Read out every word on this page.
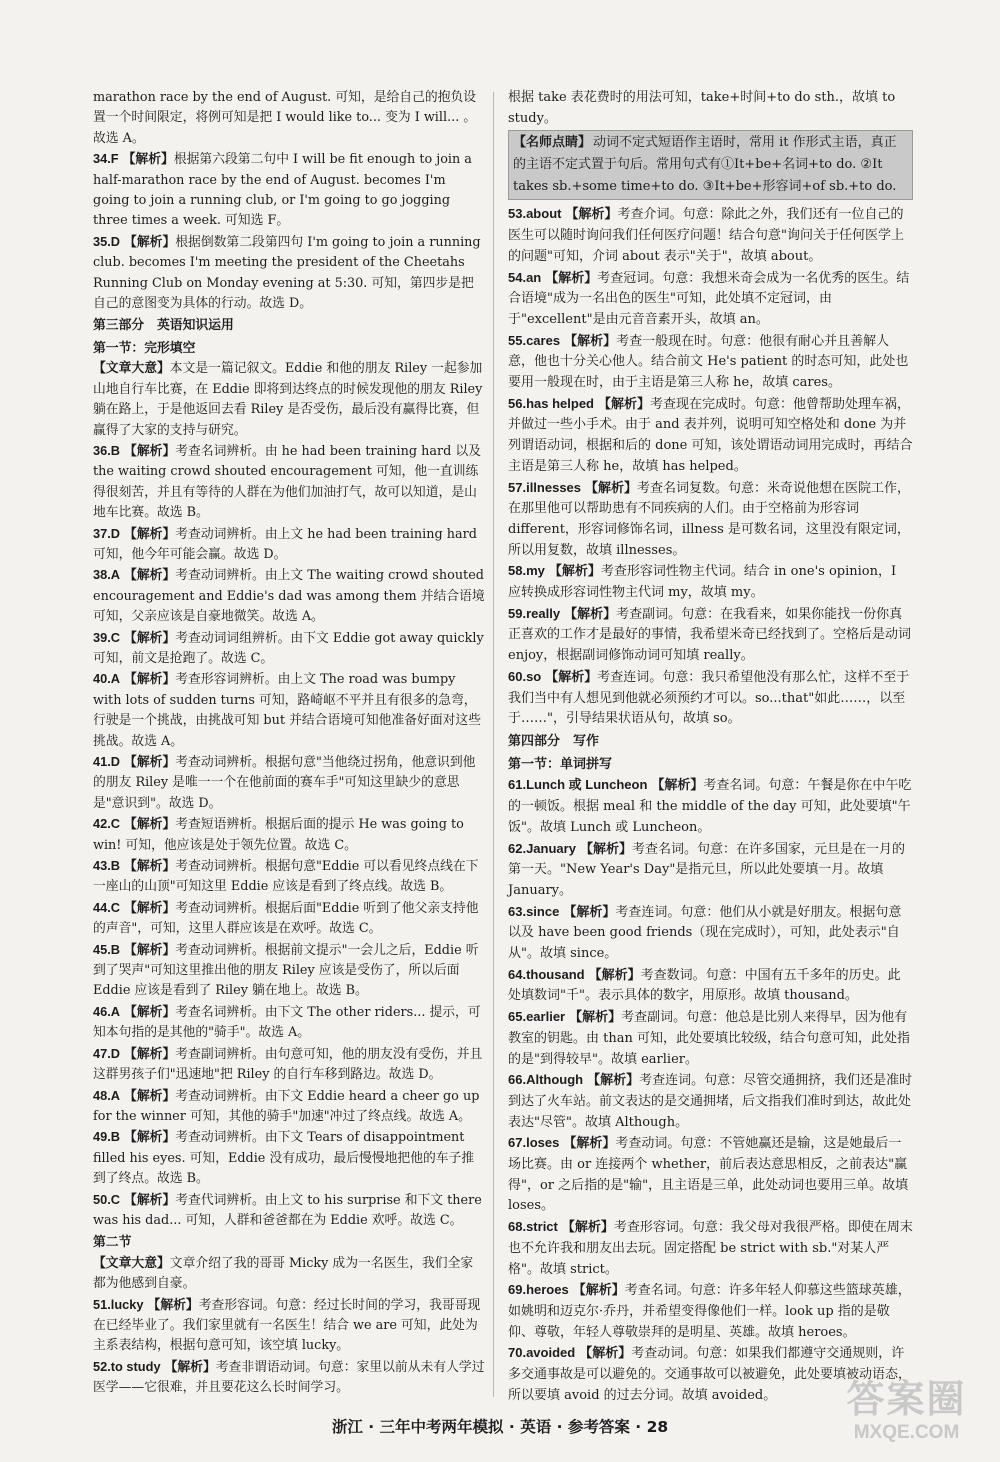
marathon race by the end of August. 可知，是给自己的抱负设置一个时间限定，将例可知是把 I would like to... 变为 I will... 。故选 A。
34.F 【解析】根据第六段第二句中 I will be fit enough to join a half-marathon race by the end of August. becomes I'm going to join a running club, or I'm going to go jogging three times a week. 可知选 F。
35.D 【解析】根据倒数第二段第四句 I'm going to join a running club. becomes I'm meeting the president of the Cheetahs Running Club on Monday evening at 5:30. 可知，第四步是把自己的意图变为具体的行动。故选 D。
第三部分　英语知识运用
第一节：完形填空
【文章大意】本文是一篇记叙文。Eddie 和他的朋友 Riley 一起参加山地自行车比赛，在 Eddie 即将到达终点的时候发现他的朋友 Riley 躺在路上，于是他返回去看 Riley 是否受伤，最后没有赢得比赛，但赢得了大家的支持与研究。
36.B 【解析】考查名词辨析。由 he had been training hard 以及 the waiting crowd shouted encouragement 可知，他一直训练得很刻苦，并且有等待的人群在为他们加油打气，故可以知道，是山地车比赛。故选 B。
37.D 【解析】考查动词辨析。由上文 he had been training hard 可知，他今年可能会赢。故选 D。
38.A 【解析】考查动词辨析。由上文 The waiting crowd shouted encouragement and Eddie's dad was among them 并结合语境可知，父亲应该是自豪地微笑。故选 A。
39.C 【解析】考查动词词组辨析。由下文 Eddie got away quickly 可知，前文是抢跑了。故选 C。
40.A 【解析】考查形容词辨析。由上文 The road was bumpy with lots of sudden turns 可知，路崎岖不平并且有很多的急弯，行驶是一个挑战，由挑战可知 but 并结合语境可知他准备好面对这些挑战。故选 A。
41.D 【解析】考查动词辨析。根据句意"当他绕过拐角，他意识到他的朋友 Riley 是唯一一个在他前面的赛车手"可知这里缺少的意思是"意识到"。故选 D。
42.C 【解析】考查短语辨析。根据后面的提示 He was going to win! 可知，他应该是处于领先位置。故选 C。
43.B 【解析】考查动词辨析。根据句意"Eddie 可以看见终点线在下一座山的山顶"可知这里 Eddie 应该是看到了终点线。故选 B。
44.C 【解析】考查动词辨析。根据后面"Eddie 听到了他父亲支持他的声音"，可知，这里人群应该是在欢呼。故选 C。
45.B 【解析】考查动词辨析。根据前文提示"一会儿之后，Eddie 听到了哭声"可知这里推出他的朋友 Riley 应该是受伤了，所以后面 Eddie 应该是看到了 Riley 躺在地上。故选 B。
46.A 【解析】考查名词辨析。由下文 The other riders... 提示，可知本句指的是其他的"骑手"。故选 A。
47.D 【解析】考查副词辨析。由句意可知，他的朋友没有受伤，并且这群男孩子们"迅速地"把 Riley 的自行车移到路边。故选 D。
48.A 【解析】考查动词辨析。由下文 Eddie heard a cheer go up for the winner 可知，其他的骑手"加速"冲过了终点线。故选 A。
49.B 【解析】考查动词辨析。由下文 Tears of disappointment filled his eyes. 可知，Eddie 没有成功，最后慢慢地把他的车子推到了终点。故选 B。
50.C 【解析】考查代词辨析。由上文 to his surprise 和下文 there was his dad... 可知，人群和爸爸都在为 Eddie 欢呼。故选 C。
第二节
【文章大意】文章介绍了我的哥哥 Micky 成为一名医生，我们全家都为他感到自豪。
51.lucky 【解析】考查形容词。句意：经过长时间的学习，我哥哥现在已经毕业了。我们家里就有一名医生！结合 we are 可知，此处为主系表结构，根据句意可知，该空填 lucky。
52.to study 【解析】考查非谓语动词。句意：家里以前从未有人学过医学——它很难，并且要花这么长时间学习。
根据 take 表花费时的用法可知，take+时间+to do sth.，故填 to study。
【名师点睛】 动词不定式短语作主语时，常用 it 作形式主语，真正的主语不定式置于句后。常用句式有①It+be+名词+to do. ②It takes sb.+some time+to do. ③It+be+形容词+of sb.+to do.
53.about 【解析】考查介词。句意：除此之外，我们还有一位自己的医生可以随时询问我们任何医疗问题！结合句意"询问关于任何医学上的问题"可知，介词 about 表示"关于"，故填 about。
54.an 【解析】考查冠词。句意：我想米奇会成为一名优秀的医生。结合语境"成为一名出色的医生"可知，此处填不定冠词，由于"excellent"是由元音音素开头，故填 an。
55.cares 【解析】考查一般现在时。句意：他很有耐心并且善解人意，他也十分关心他人。结合前文 He's patient 的时态可知，此处也要用一般现在时，由于主语是第三人称 he，故填 cares。
56.has helped 【解析】考查现在完成时。句意：他曾帮助处理车祸，并做过一些小手术。由于 and 表并列，说明可知空格处和 done 为并列谓语动词，根据和后的 done 可知，该处谓语动词用完成时，再结合主语是第三人称 he，故填 has helped。
57.illnesses 【解析】考查名词复数。句意：米奇说他想在医院工作，在那里他可以帮助患有不同疾病的人们。由于空格前为形容词 different，形容词修饰名词，illness 是可数名词，这里没有限定词，所以用复数，故填 illnesses。
58.my 【解析】考查形容词性物主代词。结合 in one's opinion，I 应转换成形容词性物主代词 my，故填 my。
59.really 【解析】考查副词。句意：在我看来，如果你能找一份你真正喜欢的工作才是最好的事情，我希望米奇已经找到了。空格后是动词 enjoy，根据副词修饰动词可知填 really。
60.so 【解析】考查连词。句意：我只希望他没有那么忙，这样不至于我们当中有人想见到他就必须预约才可以。so...that"如此……，以至于……"，引导结果状语从句，故填 so。
第四部分　写作
第一节：单词拼写
61.Lunch 或 Luncheon 【解析】考查名词。句意：午餐是你在中午吃的一顿饭。根据 meal 和 the middle of the day 可知，此处要填"午饭"。故填 Lunch 或 Luncheon。
62.January 【解析】考查名词。句意：在许多国家，元旦是在一月的第一天。"New Year's Day"是指元旦，所以此处要填一月。故填 January。
63.since 【解析】考查连词。句意：他们从小就是好朋友。根据句意以及 have been good friends（现在完成时），可知，此处表示"自从"。故填 since。
64.thousand 【解析】考查数词。句意：中国有五千多年的历史。此处填数词"千"。表示具体的数字，用原形。故填 thousand。
65.earlier 【解析】考查副词。句意：他总是比别人来得早，因为他有教室的钥匙。由 than 可知，此处要填比较级，结合句意可知，此处指的是"到得较早"。故填 earlier。
66.Although 【解析】考查连词。句意：尽管交通拥挤，我们还是准时到达了火车站。前文表达的是交通拥堵，后文指我们准时到达，故此处表达"尽管"。故填 Although。
67.loses 【解析】考查动词。句意：不管她赢还是输，这是她最后一场比赛。由 or 连接两个 whether，前后表达意思相反，之前表达"赢得"，or 之后指的是"输"，且主语是三单，此处动词也要用三单。故填 loses。
68.strict 【解析】考查形容词。句意：我父母对我很严格。即使在周末也不允许我和朋友出去玩。固定搭配 be strict with sb."对某人严格"。故填 strict。
69.heroes 【解析】考查名词。句意：许多年轻人仰慕这些篮球英雄，如姚明和迈克尔·乔丹，并希望变得像他们一样。look up 指的是敬仰、尊敬，年轻人尊敬崇拜的是明星、英雄。故填 heroes。
70.avoided 【解析】考查动词。句意：如果我们都遵守交通规则，许多交通事故是可以避免的。交通事故可以被避免，此处要填被动语态，所以要填 avoid 的过去分词。故填 avoided。
浙江 · 三年中考两年模拟 · 英语 · 参考答案 · 28
答案圈
MXQE.COM
